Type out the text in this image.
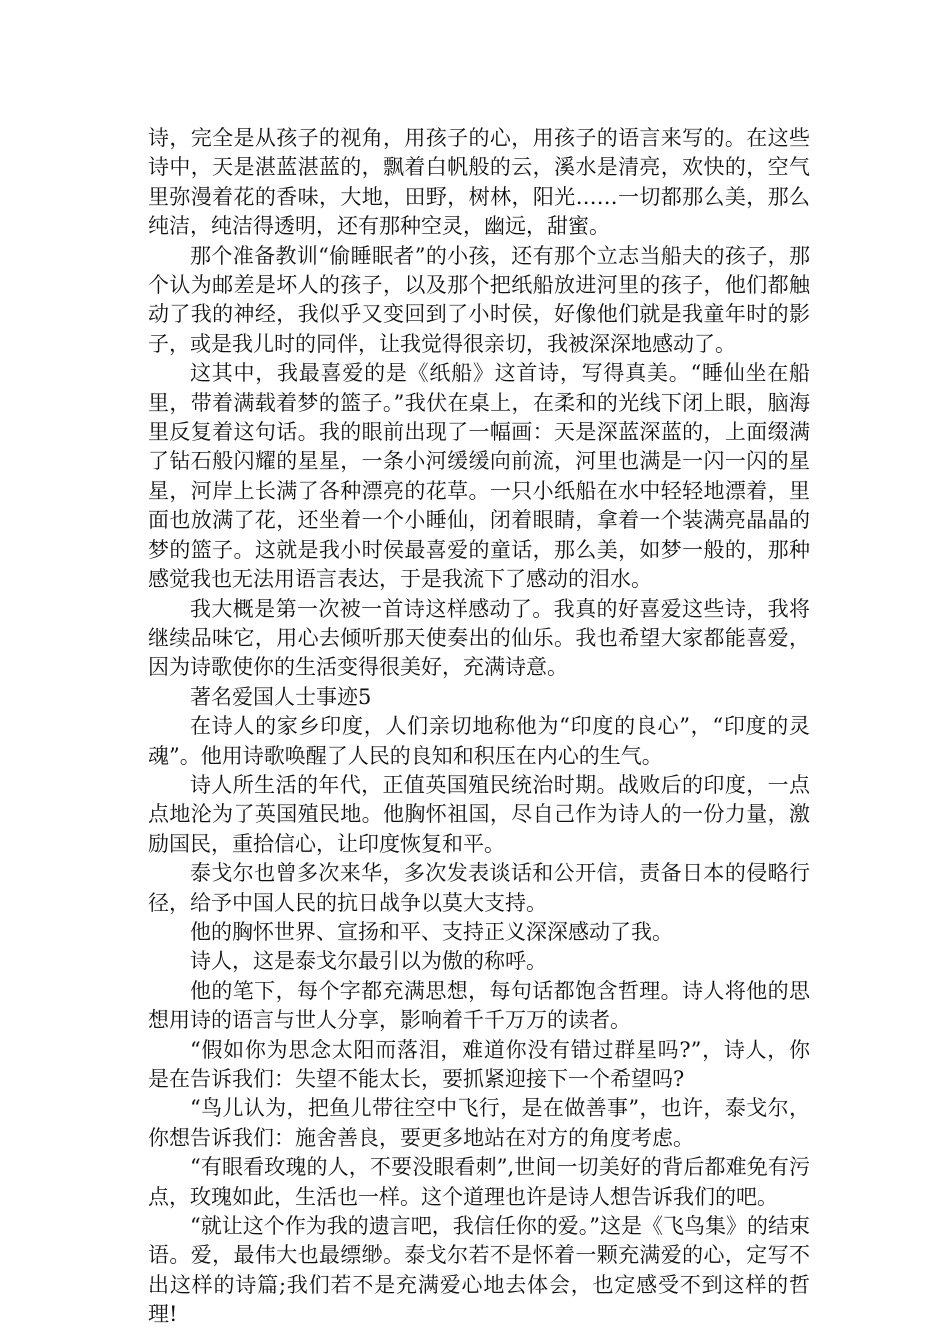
诗，完全是从孩子的视角，用孩子的心，用孩子的语言来写的。在这些诗中，天是湛蓝湛蓝的，飘着白帆般的云，溪水是清亮，欢快的，空气里弥漫着花的香味，大地，田野，树林，阳光……一切都那么美，那么纯洁，纯洁得透明，还有那种空灵，幽远，甜蜜。

那个准备教训“偷睡眠者”的小孩，还有那个立志当船夫的孩子，那个认为邮差是坏人的孩子，以及那个把纸船放进河里的孩子，他们都触动了我的神经，我似乎又变回到了小时侯，好像他们就是我童年时的影子，或是我儿时的同伴，让我觉得很亲切，我被深深地感动了。

这其中，我最喜爱的是《纸船》这首诗，写得真美。“睡仙坐在船里，带着满载着梦的篮子。”我伏在桌上，在柔和的光线下闭上眼，脑海里反复着这句话。我的眼前出现了一幅画：天是深蓝深蓝的，上面缀满了钻石般闪耀的星星，一条小河缓缓向前流，河里也满是一闪一闪的星星，河岸上长满了各种漂亮的花草。一只小纸船在水中轻轻地漂着，里面也放满了花，还坐着一个小睡仙，闭着眼睛，拿着一个装满亮晶晶的梦的篮子。这就是我小时侯最喜爱的童话，那么美，如梦一般的，那种感觉我也无法用语言表达，于是我流下了感动的泪水。

我大概是第一次被一首诗这样感动了。我真的好喜爱这些诗，我将继续品味它，用心去倾听那天使奏出的仙乐。我也希望大家都能喜爱，因为诗歌使你的生活变得很美好，充满诗意。

著名爱国人士事迹5

在诗人的家乡印度，人们亲切地称他为“印度的良心”，“印度的灵魂”。他用诗歌唤醒了人民的良知和积压在内心的生气。

诗人所生活的年代，正值英国殖民统治时期。战败后的印度，一点点地沦为了英国殖民地。他胸怀祖国，尽自己作为诗人的一份力量，激励国民，重拾信心，让印度恢复和平。

泰戈尔也曾多次来华，多次发表谈话和公开信，责备日本的侵略行径，给予中国人民的抗日战争以莫大支持。

他的胸怀世界、宣扬和平、支持正义深深感动了我。

诗人，这是泰戈尔最引以为傲的称呼。

他的笔下，每个字都充满思想，每句话都饱含哲理。诗人将他的思想用诗的语言与世人分享，影响着千千万万的读者。

“假如你为思念太阳而落泪，难道你没有错过群星吗?”，诗人，你是在告诉我们：失望不能太长，要抓紧迎接下一个希望吗?

“鸟儿认为，把鱼儿带往空中飞行，是在做善事”，也许，泰戈尔，你想告诉我们：施舍善良，要更多地站在对方的角度考虑。

“有眼看玫瑰的人，不要没眼看刺”,世间一切美好的背后都难免有污点，玫瑰如此，生活也一样。这个道理也许是诗人想告诉我们的吧。

“就让这个作为我的遗言吧，我信任你的爱。”这是《飞鸟集》的结束语。爱，最伟大也最缥缈。泰戈尔若不是怀着一颗充满爱的心，定写不出这样的诗篇;我们若不是充满爱心地去体会，也定感受不到这样的哲理!
